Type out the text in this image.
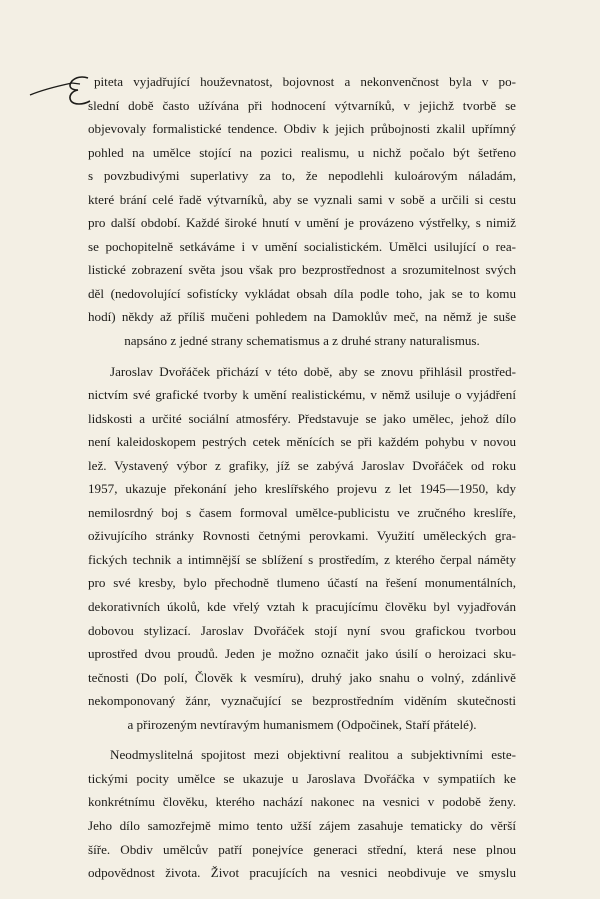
piteta vyjadřující houževnatost, bojovnost a nekonvenčnost byla v po-
slední době často užívána při hodnocení výtvarníků, v jejichž tvorbě se
objevovaly formalistické tendence. Obdiv k jejich průbojnosti zkalil upřímný
pohled na umělce stojící na pozici realismu, u nichž počalo být šetřeno
s povzbudivými superlativy za to, že nepodlehli kuloárovým náladám,
které brání celé řadě výtvarníků, aby se vyznali sami v sobě a určili si cestu
pro další období. Každé široké hnutí v umění je provázeno výstřelky, s nimiž
se pochopitelně setkáváme i v umění socialistickém. Umělci usilující o rea-
listické zobrazení světa jsou však pro bezprostřednost a srozumitelnost svých
děl (nedovolující sofistícky vykládat obsah díla podle toho, jak se to komu
hodí) někdy až příliš mučeni pohledem na Damoklův meč, na němž je suše
napsáno z jedné strany schematismus a z druhé strany naturalismus.
Jaroslav Dvořáček přichází v této době, aby se znovu přihlásil prostřed-
nictvím své grafické tvorby k umění realistickému, v němž usiluje o vyjádření
lidskosti a určité sociální atmosféry. Představuje se jako umělec, jehož dílo
není kaleidoskopem pestrých cetek měnících se při každém pohybu v novou
lež. Vystavený výbor z grafiky, jíž se zabývá Jaroslav Dvořáček od roku
1957, ukazuje překonání jeho kreslířského projevu z let 1945—1950, kdy
nemilosrdný boj s časem formoval umělce-publicistu ve zručného kreslíře,
oživujícího stránky Rovnosti četnými perovkami. Využití uměleckých gra-
fických technik a intimnější se sblížení s prostředím, z kterého čerpal náměty
pro své kresby, bylo přechodně tlumeno účastí na řešení monumentálních,
dekorativních úkolů, kde vřelý vztah k pracujícímu člověku byl vyjadřován
dobovou stylizací. Jaroslav Dvořáček stojí nyní svou grafickou tvorbou
uprostřed dvou proudů. Jeden je možno označit jako úsilí o heroizaci sku-
tečnosti (Do polí, Člověk k vesmíru), druhý jako snahu o volný, zdánlivě
nekomponovaný žánr, vyznačující se bezprostředním viděním skutečnosti
a přirozeným nevtíravým humanismem (Odpočinek, Staří přátelé).
Neodmyslitelná spojitost mezi objektivní realitou a subjektivními este-
tickými pocity umělce se ukazuje u Jaroslava Dvořáčka v sympatiích ke
konkrétnímu člověku, kterého nachází nakonec na vesnici v podobě ženy.
Jeho dílo samozřejmě mimo tento užší zájem zasahuje tematicky do věrší
šíře. Obdiv umělcův patří ponejvíce generaci střední, která nese plnou
odpovědnost života. Život pracujících na vesnici neobdivuje ve smyslu
